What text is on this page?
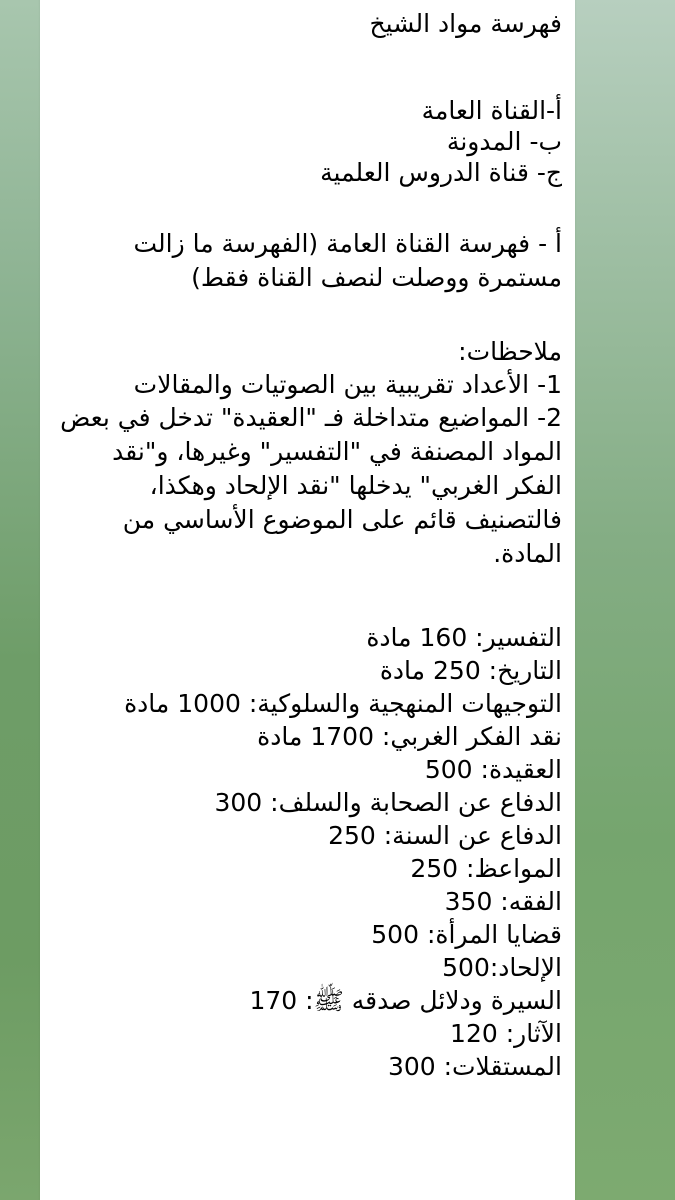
فهرسة مواد الشيخ
أ-القناة العامة
ب- المدونة
ج- قناة الدروس العلمية

أ - فهرسة القناة العامة (الفهرسة ما زالت مستمرة ووصلت لنصف القناة فقط)

ملاحظات:
1- الأعداد تقريبية بين الصوتيات والمقالات

2- المواضيع متداخلة فـ "العقيدة" تدخل في بعض المواد المصنفة في "التفسير" وغيرها، و"نقد الفكر الغربي" يدخلها "نقد الإلحاد وهكذا، فالتصنيف قائم على الموضوع الأساسي من المادة.

التفسير: 160 مادة
التاريخ: 250 مادة
التوجيهات المنهجية والسلوكية: 1000 مادة
نقد الفكر الغربي: 1700 مادة
العقيدة: 500
الدفاع عن الصحابة والسلف: 300
الدفاع عن السنة: 250
المواعظ: 250
الفقه: 350
قضايا المرأة: 500
الإلحاد:500
السيرة ودلائل صدقه ﷺ: 170
الآثار: 120
المستقلات: 300
